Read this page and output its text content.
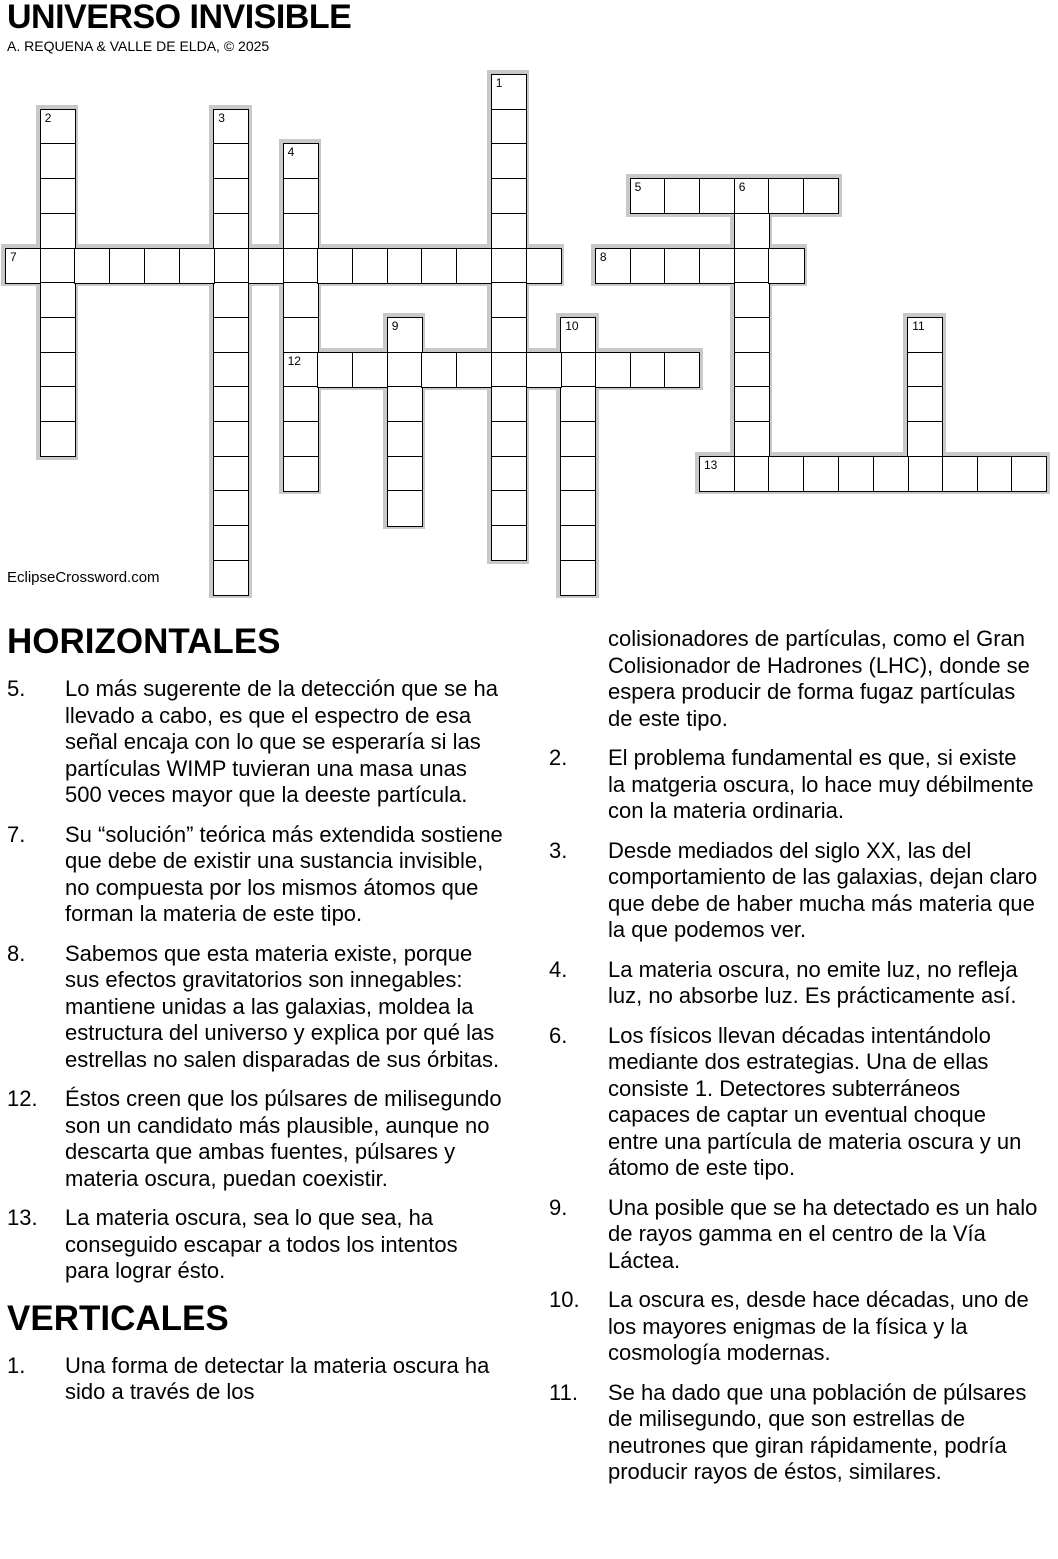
UNIVERSO INVISIBLE
A. REQUENA & VALLE DE ELDA, © 2025
1
2	3
4
12
5	6
7	8
9	10	11
13
EclipseCrossword.com
HORIZONTALES
5.	Lo más sugerente de la detección que se ha llevado a cabo, es que el espectro de esa señal encaja con lo que se esperaría si las partículas WIMP tuvieran una masa unas 500 veces mayor que la deeste partícula.
7.	Su “solución” teórica más extendida sostiene que debe de existir una sustancia invisible, no compuesta por los mismos átomos que forman la materia de este tipo.
8.	Sabemos que esta materia existe, porque sus efectos gravitatorios son innegables: mantiene unidas a las galaxias, moldea la estructura del universo y explica por qué las estrellas no salen disparadas de sus órbitas.
12.	Éstos creen que los púlsares de milisegundo son un candidato más plausible, aunque no descarta que ambas fuentes, púlsares y materia oscura, puedan coexistir.
13.	La materia oscura, sea lo que sea, ha conseguido escapar a todos los intentos para lograr ésto.
VERTICALES
1.	Una forma de detectar la materia oscura ha sido a través de los
colisionadores de partículas, como el Gran Colisionador de Hadrones (LHC), donde se espera producir de forma fugaz partículas de este tipo.
2.	El problema fundamental es que, si existe la matgeria oscura, lo hace muy débilmente con la materia ordinaria.
3.	Desde mediados del siglo XX, las del comportamiento de las galaxias, dejan claro que debe de haber mucha más materia que la que podemos ver.
4.	La materia oscura, no emite luz, no refleja luz, no absorbe luz. Es prácticamente así.
6.	Los físicos llevan décadas intentándolo mediante dos estrategias. Una de ellas consiste 1. Detectores subterráneos capaces de captar un eventual choque entre una partícula de materia oscura y un átomo de este tipo.
9.	Una posible que se ha detectado es un halo de rayos gamma en el centro de la Vía Láctea.
10.	La oscura es, desde hace décadas, uno de los mayores enigmas de la física y la cosmología modernas.
11.	Se ha dado que una población de púlsares de milisegundo, que son estrellas de neutrones que giran rápidamente, podría producir rayos de éstos, similares.
